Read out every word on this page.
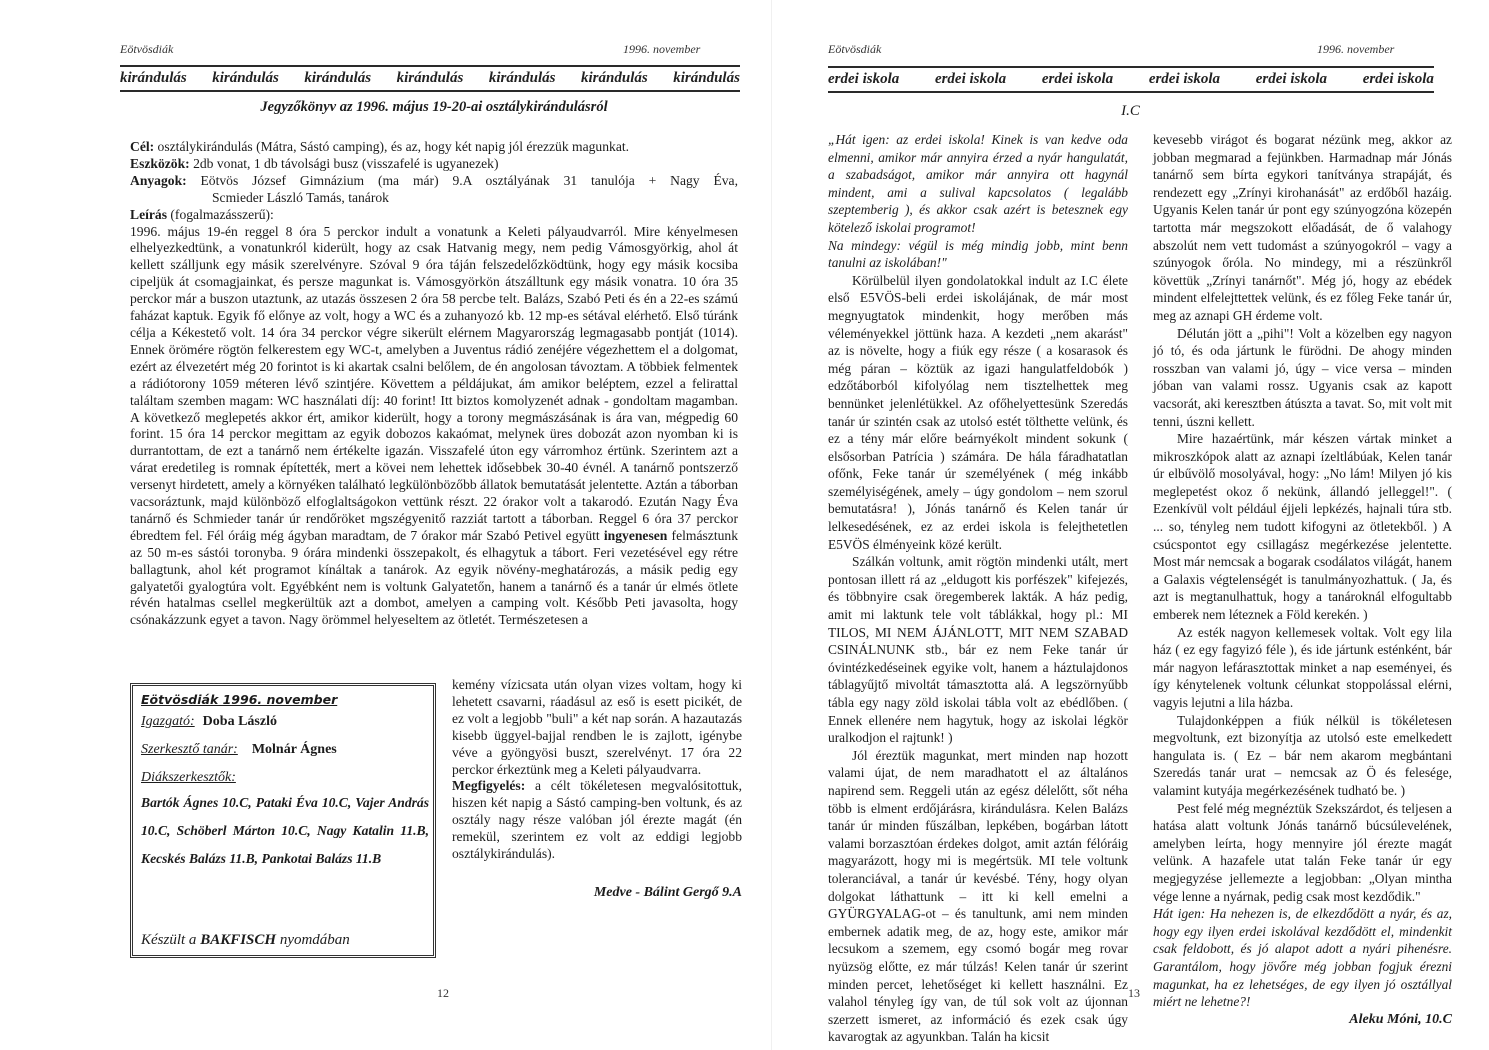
Eötvösdiák	1996. november
kirándulás kirándulás kirándulás kirándulás kirándulás kirándulás kirándulás
Jegyzőkönyv az 1996. május 19-20-ai osztálykirándulásról

Cél: osztálykirándulás (Mátra, Sástó camping), és az, hogy két napig jól érezzük magunkat.

Eszközök: 2db vonat, 1 db távolsági busz (visszafelé is ugyanezek)

Anyagok: Eötvös József Gimnázium (ma már) 9.A osztályának 31 tanulója + Nagy Éva,

Scmieder László Tamás, tanárok

Leírás (fogalmazásszerű):

1996. május 19-én reggel 8 óra 5 perckor indult a vonatunk a Keleti pályaudvarról. Mire kényelmesen elhelyezkedtünk, a vonatunkról kiderült, hogy az csak Hatvanig megy, nem pedig Vámosgyörkig, ahol át kellett szálljunk egy másik szerelvényre. Szóval 9 óra táján felszedelőzködtünk, hogy egy másik kocsiba cipeljük át csomagjainkat, és persze magunkat is. Vámosgyörkön átszálltunk egy másik vonatra. 10 óra 35 perckor már a buszon utaztunk, az utazás összesen 2 óra 58 percbe telt. Balázs, Szabó Peti és én a 22-es számú faházat kaptuk. Egyik fő előnye az volt, hogy a WC és a zuhanyozó kb. 12 mp-es sétával elérhető. Első túránk célja a Kékestető volt. 14 óra 34 perckor végre sikerült elérnem Magyarország legmagasabb pontját (1014). Ennek örömére rögtön felkerestem egy WC-t, amelyben a Juventus rádió zenéjére végezhettem el a dolgomat, ezért az élvezetért még 20 forintot is ki akartak csalni belőlem, de én angolosan távoztam. A többiek felmentek a rádiótorony 1059 méteren lévő szintjére. Követtem a példájukat, ám amikor beléptem, ezzel a felirattal találtam szemben magam: WC használati díj: 40 forint! Itt biztos komolyzenét adnak - gondoltam magamban. A következő meglepetés akkor ért, amikor kiderült, hogy a torony megmászásának is ára van, mégpedig 60 forint. 15 óra 14 perckor megittam az egyik dobozos kakaómat, melynek üres dobozát azon nyomban ki is durrantottam, de ezt a tanárnő nem értékelte igazán. Visszafelé úton egy várromhoz értünk. Szerintem azt a várat eredetileg is romnak építették, mert a kövei nem lehettek idősebbek 30-40 évnél. A tanárnő pontszerző versenyt hirdetett, amely a környéken található legkülönbözőbb állatok bemutatását jelentette. Aztán a táborban vacsoráztunk, majd különböző elfoglaltságokon vettünk részt. 22 órakor volt a takarodó. Ezután Nagy Éva tanárnő és Schmieder tanár úr rendőröket mgszégyenitő razziát tartott a táborban. Reggel 6 óra 37 perckor ébredtem fel. Fél óráig még ágyban maradtam, de 7 órakor már Szabó Petivel együtt ingyenesen felmásztunk az 50 m-es sástói toronyba. 9 órára mindenki összepakolt, és elhagytuk a tábort. Feri vezetésével egy rétre ballagtunk, ahol két programot kínáltak a tanárok. Az egyik növény-meghatározás, a másik pedig egy galyatetői gyalogtúra volt. Egyébként nem is voltunk Galyatetőn, hanem a tanárnő és a tanár úr elmés ötlete révén hatalmas csellel megkerültük azt a dombot, amelyen a camping volt. Később Peti javasolta, hogy csónakázzunk egyet a tavon. Nagy örömmel helyeseltem az ötletét. Természetesen a

Eötvösdiák 1996. november
Igazgató: Doba László
Szerkesztő tanár: Molnár Ágnes
Diákszerkesztők:
Bartók Ágnes 10.C, Pataki Éva 10.C, Vajer András 10.C, Schöberl Márton 10.C, Nagy Katalin 11.B, Kecskés Balázs 11.B, Pankotai Balázs 11.B
Készült a BAKFISCH nyomdában

kemény vízicsata után olyan vizes voltam, hogy ki lehetett csavarni, ráadásul az eső is esett picikét, de ez volt a legjobb "buli" a két nap során. A hazautazás kisebb üggyel-bajjal rendben le is zajlott, igénybe véve a gyöngyösi buszt, szerelvényt. 17 óra 22 perckor érkeztünk meg a Keleti pályaudvarra.

Megfigyelés: a célt tökéletesen megvalósitottuk, hiszen két napig a Sástó camping-ben voltunk, és az osztály nagy része valóban jól érezte magát (én remekül, szerintem ez volt az eddigi legjobb osztálykirándulás).

Medve - Bálint Gergő 9.A
12
Eötvösdiák	1996. november
erdei iskola erdei iskola erdei iskola erdei iskola erdei iskola erdei iskola
I.C

„Hát igen: az erdei iskola! Kinek is van kedve oda elmenni, amikor már annyira érzed a nyár hangulatát, a szabadságot, amikor már annyira ott hagynál mindent, ami a sulival kapcsolatos ( legalább szeptemberig ), és akkor csak azért is betesznek egy kötelező iskolai programot!

Na mindegy: végül is még mindig jobb, mint benn tanulni az iskolában!"

Körülbelül ilyen gondolatokkal indult az I.C élete első E5VÖS-beli erdei iskolájának, de már most megnyugtatok mindenkit, hogy merőben más véleményekkel jöttünk haza. A kezdeti „nem akarást" az is növelte, hogy a fiúk egy része ( a kosarasok és még páran – köztük az igazi hangulatfeldobók ) edzőtáborból kifolyólag nem tisztelhettek meg bennünket jelenlétükkel. Az ofőhelyettesünk Szeredás tanár úr szintén csak az utolsó estét tölthette velünk, és ez a tény már előre beárnyékolt mindent sokunk ( elsősorban Patrícia ) számára. De hála fáradhatatlan ofőnk, Feke tanár úr személyének ( még inkább személyiségének, amely – úgy gondolom – nem szorul bemutatásra! ), Jónás tanárnő és Kelen tanár úr lelkesedésének, ez az erdei iskola is felejthetetlen E5VÖS élményeink közé került.

Szálkán voltunk, amit rögtön mindenki utált, mert pontosan illett rá az „eldugott kis porfészek" kifejezés, és többnyire csak öregemberek lakták. A ház pedig, amit mi laktunk tele volt táblákkal, hogy pl.: MI TILOS, MI NEM ÁJÁNLOTT, MIT NEM SZABAD CSINÁLNUNK stb., bár ez nem Feke tanár úr óvintézkedéseinek egyike volt, hanem a háztulajdonos táblagyűjtő mivoltát támasztotta alá. A legszörnyűbb tábla egy nagy zöld iskolai tábla volt az ebédlőben. ( Ennek ellenére nem hagytuk, hogy az iskolai légkör uralkodjon el rajtunk! )

Jól éreztük magunkat, mert minden nap hozott valami újat, de nem maradhatott el az általános napirend sem. Reggeli után az egész délelőtt, sőt néha több is elment erdőjárásra, kirándulásra. Kelen Balázs tanár úr minden fűszálban, lepkében, bogárban látott valami borzasztóan érdekes dolgot, amit aztán félóráig magyarázott, hogy mi is megértsük. MI tele voltunk toleranciával, a tanár úr kevésbé. Tény, hogy olyan dolgokat láthattunk – itt ki kell emelni a GYÜRGYALAG-ot – és tanultunk, ami nem minden embernek adatik meg, de az, hogy este, amikor már lecsukom a szemem, egy csomó bogár meg rovar nyüzsög előtte, ez már túlzás! Kelen tanár úr szerint minden percet, lehetőséget ki kellett használni. Ez valahol tényleg így van, de túl sok volt az újonnan szerzett ismeret, az információ és ezek csak úgy kavarogtak az agyunkban. Talán ha kicsit

kevesebb virágot és bogarat nézünk meg, akkor az jobban megmarad a fejünkben. Harmadnap már Jónás tanárnő sem bírta egykori tanítványa strapáját, és rendezett egy „Zrínyi kirohanását" az erdőből hazáig. Ugyanis Kelen tanár úr pont egy szúnyogzóna közepén tartotta már megszokott előadását, de ő valahogy abszolút nem vett tudomást a szúnyogokról – vagy a szúnyogok őróla. No mindegy, mi a részünkről követtük „Zrínyi tanárnőt". Még jó, hogy az ebédek mindent elfelejttettek velünk, és ez főleg Feke tanár úr, meg az aznapi GH érdeme volt.

Délután jött a „pihi"! Volt a közelben egy nagyon jó tó, és oda jártunk le fürödni. De ahogy minden rosszban van valami jó, úgy – vice versa – minden jóban van valami rossz. Ugyanis csak az kapott vacsorát, aki keresztben átúszta a tavat. So, mit volt mit tenni, úszni kellett.

Mire hazaértünk, már készen vártak minket a mikroszkópok alatt az aznapi ízeltlábúak, Kelen tanár úr elbűvölő mosolyával, hogy: „No lám! Milyen jó kis meglepetést okoz ő nekünk, állandó jelleggel!". ( Ezenkívül volt például éjjeli lepkézés, hajnali túra stb. ... so, tényleg nem tudott kifogyni az ötletekből. ) A csúcspontot egy csillagász megérkezése jelentette. Most már nemcsak a bogarak csodálatos világát, hanem a Galaxis végtelenségét is tanulmányozhattuk. ( Ja, és azt is megtanulhattuk, hogy a tanároknál elfogultabb emberek nem léteznek a Föld kerekén. )

Az esték nagyon kellemesek voltak. Volt egy lila ház ( ez egy fagyizó féle ), és ide jártunk esténként, bár már nagyon lefárasztottak minket a nap eseményei, és így kénytelenek voltunk célunkat stoppolással elérni, vagyis lejutni a lila házba.

Tulajdonképpen a fiúk nélkül is tökéletesen megvoltunk, ezt bizonyítja az utolsó este emelkedett hangulata is. ( Ez – bár nem akarom megbántani Szeredás tanár urat – nemcsak az Ö és felesége, valamint kutyája megérkezésének tudható be. )

Pest felé még megnéztük Szekszárdot, és teljesen a hatása alatt voltunk Jónás tanárnő búcsúlevelének, amelyben leírta, hogy mennyire jól érezte magát velünk. A hazafele utat talán Feke tanár úr egy megjegyzése jellemezte a legjobban: „Olyan mintha vége lenne a nyárnak, pedig csak most kezdődik."

Hát igen: Ha nehezen is, de elkezdődött a nyár, és az, hogy egy ilyen erdei iskolával kezdődött el, mindenkit csak feldobott, és jó alapot adott a nyári pihenésre. Garantálom, hogy jövőre még jobban fogjuk érezni magunkat, ha ez lehetséges, de egy ilyen jó osztállyal miért ne lehetne?!

Aleku Móni, 10.C
13
